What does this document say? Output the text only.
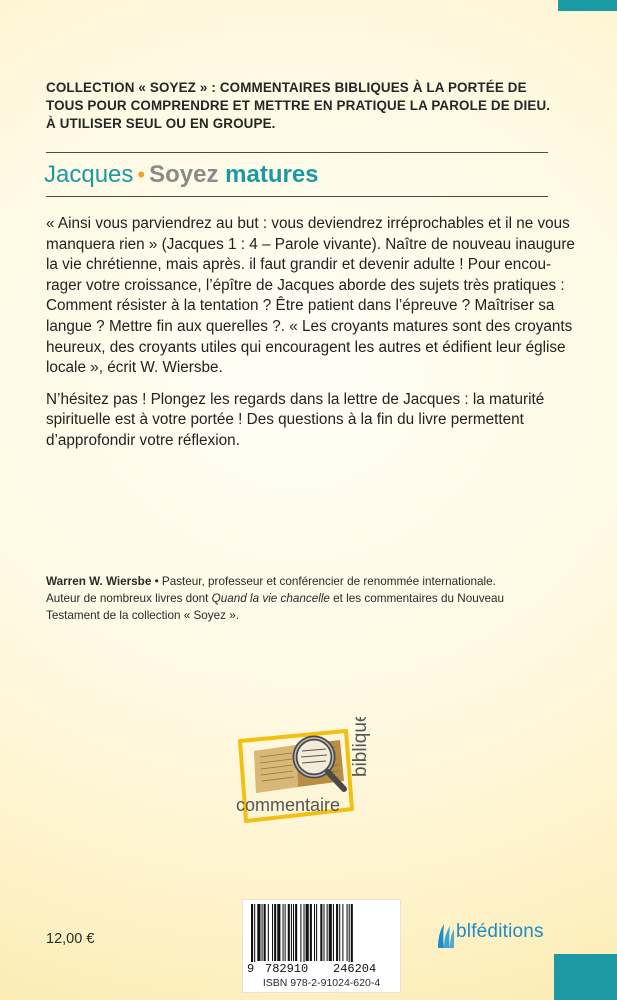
COLLECTION « SOYEZ » : COMMENTAIRES BIBLIQUES À LA PORTÉE DE
TOUS POUR COMPRENDRE ET METTRE EN PRATIQUE LA PAROLE DE DIEU.
À UTILISER SEUL OU EN GROUPE.
Jacques • Soyez matures
« Ainsi vous parviendrez au but : vous deviendrez irréprochables et il ne vous
manquera rien » (Jacques 1 : 4 – Parole vivante). Naître de nouveau inaugure
la vie chrétienne, mais après. il faut grandir et devenir adulte ! Pour encou-
rager votre croissance, l’épître de Jacques aborde des sujets très pratiques :
Comment résister à la tentation ? Être patient dans l’épreuve ? Maîtriser sa
langue ? Mettre fin aux querelles ?. « Les croyants matures sont des croyants
heureux, des croyants utiles qui encouragent les autres et édifient leur église
locale », écrit W. Wiersbe.
N’hésitez pas ! Plongez les regards dans la lettre de Jacques : la maturité
spirituelle est à votre portée ! Des questions à la fin du livre permettent
d’approfondir votre réflexion.
Warren W. Wiersbe • Pasteur, professeur et conférencier de renommée internationale.
Auteur de nombreux livres dont Quand la vie chancelle et les commentaires du Nouveau
Testament de la collection « Soyez ».
biblique
commentaire
12,00 €
9 782910 246204
ISBN 978-2-91024-620-4
blféditions
